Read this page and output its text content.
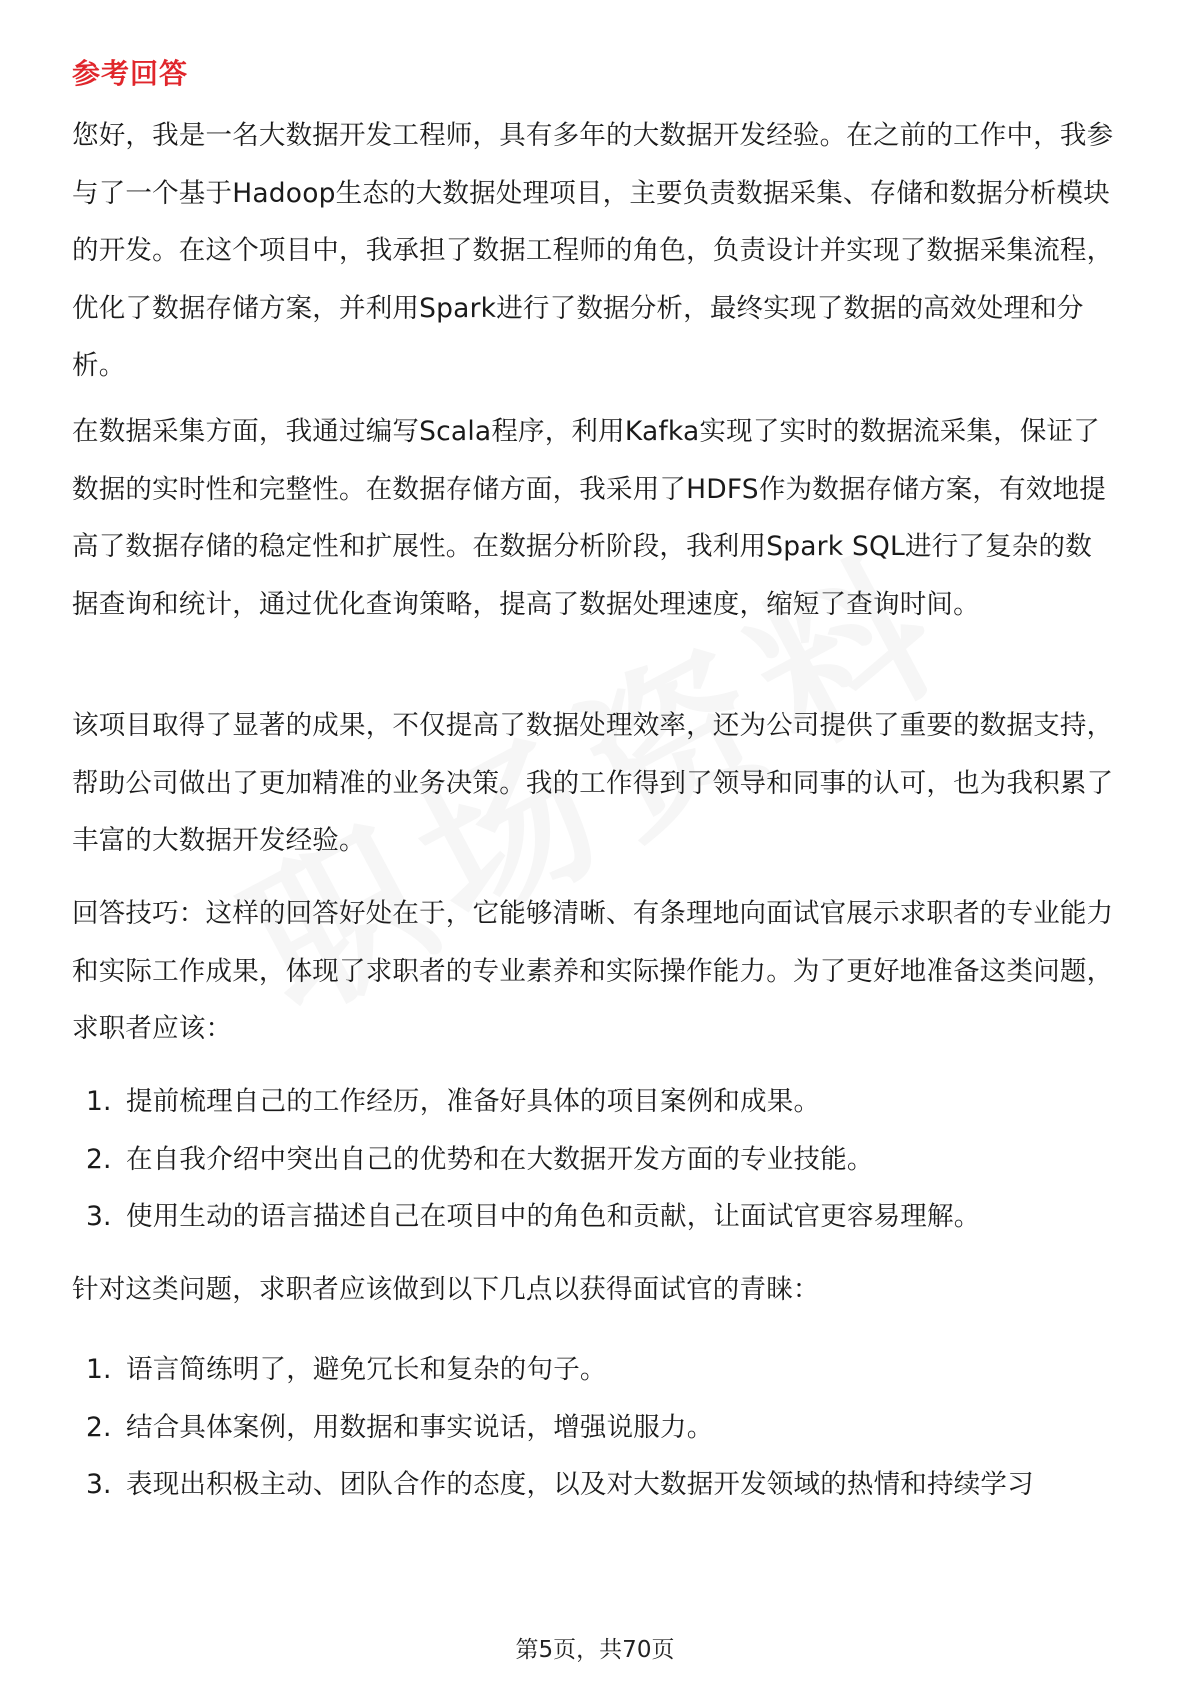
参考回答

您好，我是一名大数据开发工程师，具有多年的大数据开发经验。在之前的工作中，我参与了一个基于Hadoop生态的大数据处理项目，主要负责数据采集、存储和数据分析模块的开发。在这个项目中，我承担了数据工程师的角色，负责设计并实现了数据采集流程，优化了数据存储方案，并利用Spark进行了数据分析，最终实现了数据的高效处理和分析。

在数据采集方面，我通过编写Scala程序，利用Kafka实现了实时的数据流采集，保证了数据的实时性和完整性。在数据存储方面，我采用了HDFS作为数据存储方案，有效地提高了数据存储的稳定性和扩展性。在数据分析阶段，我利用Spark SQL进行了复杂的数据查询和统计，通过优化查询策略，提高了数据处理速度，缩短了查询时间。

该项目取得了显著的成果，不仅提高了数据处理效率，还为公司提供了重要的数据支持，帮助公司做出了更加精准的业务决策。我的工作得到了领导和同事的认可，也为我积累了丰富的大数据开发经验。

回答技巧：这样的回答好处在于，它能够清晰、有条理地向面试官展示求职者的专业能力和实际工作成果，体现了求职者的专业素养和实际操作能力。为了更好地准备这类问题，求职者应该：

1. 提前梳理自己的工作经历，准备好具体的项目案例和成果。
2. 在自我介绍中突出自己的优势和在大数据开发方面的专业技能。
3. 使用生动的语言描述自己在项目中的角色和贡献，让面试官更容易理解。

针对这类问题，求职者应该做到以下几点以获得面试官的青睐：

1. 语言简练明了，避免冗长和复杂的句子。
2. 结合具体案例，用数据和事实说话，增强说服力。
3. 表现出积极主动、团队合作的态度，以及对大数据开发领域的热情和持续学习
第5页，共70页
